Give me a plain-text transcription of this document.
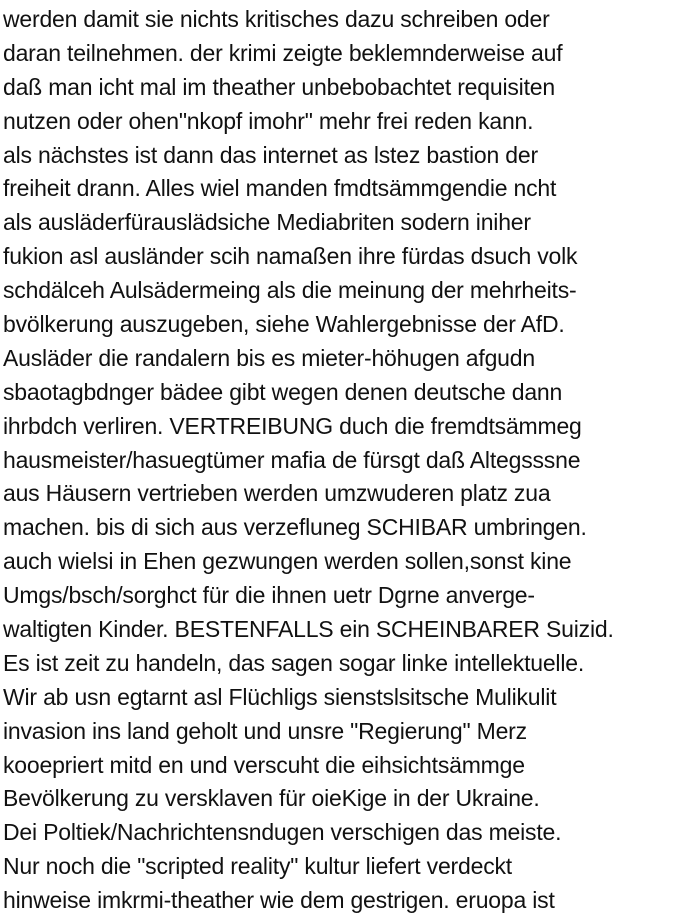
werden damit sie nichts kritisches dazu schreiben oder
daran teilnehmen. der krimi zeigte beklemnderweise auf
daß man icht mal im theather unbebobachtet requisiten
nutzen oder ohen"nkopf imohr" mehr frei reden kann.
als nächstes ist dann das internet as lstez bastion der
freiheit drann. Alles wiel manden fmdtsämmgendie ncht
als ausläderfürauslädsiche Mediabriten sodern iniher
fukion asl ausländer scih namaßen ihre fürdas dsuch volk
schdälceh Aulsädermeing als die meinung der mehrheits-
bvölkerung auszugeben, siehe Wahlergebnisse der AfD.
Ausläder die randalern bis es mieter-höhugen afgudn
sbaotagbdnger bädee gibt wegen denen deutsche dann
ihrbdch verliren. VERTREIBUNG duch die fremdtsämmeg
hausmeister/hasuegtümer mafia de fürsgt daß Altegsssne
aus Häusern vertrieben werden umzwuderen platz zua
machen. bis di sich aus verzefluneg SCHIBAR umbringen.
auch wielsi in Ehen gezwungen werden sollen,sonst kine
Umgs/bsch/sorghct für die ihnen uetr Dgrne anverge-
waltigten Kinder. BESTENFALLS ein SCHEINBARER Suizid.
Es ist zeit zu handeln, das sagen sogar linke intellektuelle.
Wir ab usn egtarnt asl Flüchligs sienstslsitsche Mulikulit
invasion ins land geholt und unsre "Regierung" Merz
kooepriert mitd en und verscuht die eihsichtsämmge
Bevölkerung zu versklaven für oieKige in der Ukraine.
Dei Poltiek/Nachrichtensndugen verschigen das meiste.
Nur noch die "scripted reality" kultur liefert verdeckt
hinweise imkrmi-theather wie dem gestrigen. eruopa ist
